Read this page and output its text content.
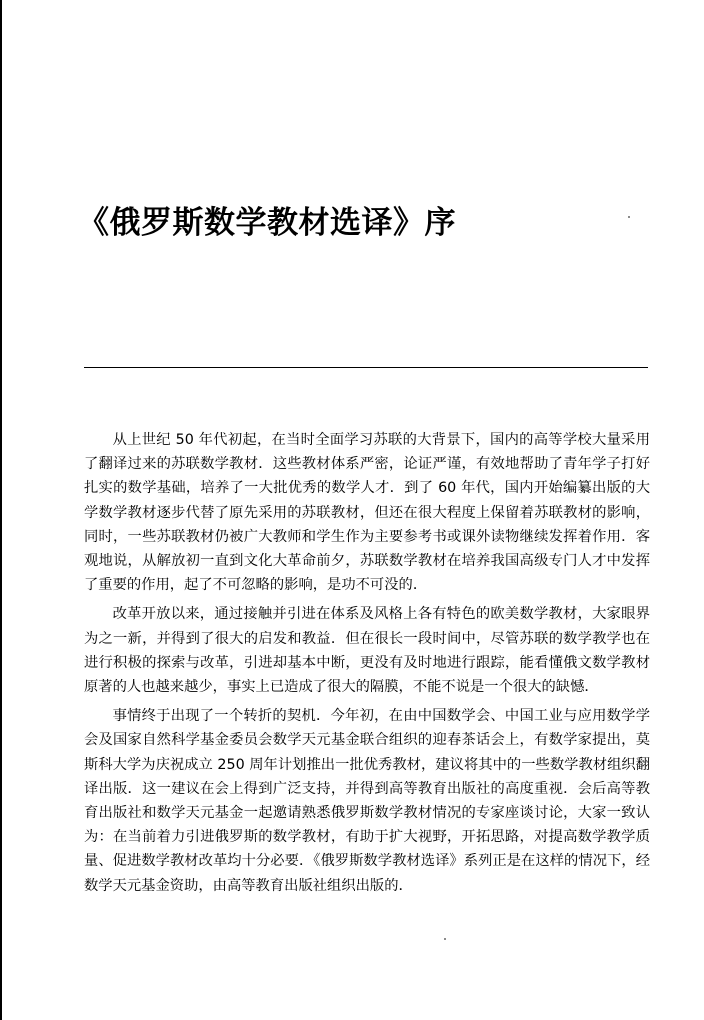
《俄罗斯数学教材选译》序

从上世纪 50 年代初起，在当时全面学习苏联的大背景下，国内的高等学校大量采用了翻译过来的苏联数学教材．这些教材体系严密，论证严谨，有效地帮助了青年学子打好扎实的数学基础，培养了一大批优秀的数学人才．到了 60 年代，国内开始编纂出版的大学数学教材逐步代替了原先采用的苏联教材，但还在很大程度上保留着苏联教材的影响，同时，一些苏联教材仍被广大教师和学生作为主要参考书或课外读物继续发挥着作用．客观地说，从解放初一直到文化大革命前夕，苏联数学教材在培养我国高级专门人才中发挥了重要的作用，起了不可忽略的影响，是功不可没的．

改革开放以来，通过接触并引进在体系及风格上各有特色的欧美数学教材，大家眼界为之一新，并得到了很大的启发和教益．但在很长一段时间中，尽管苏联的数学教学也在进行积极的探索与改革，引进却基本中断，更没有及时地进行跟踪，能看懂俄文数学教材原著的人也越来越少，事实上已造成了很大的隔膜，不能不说是一个很大的缺憾．

事情终于出现了一个转折的契机．今年初，在由中国数学会、中国工业与应用数学学会及国家自然科学基金委员会数学天元基金联合组织的迎春茶话会上，有数学家提出，莫斯科大学为庆祝成立 250 周年计划推出一批优秀教材，建议将其中的一些数学教材组织翻译出版．这一建议在会上得到广泛支持，并得到高等教育出版社的高度重视．会后高等教育出版社和数学天元基金一起邀请熟悉俄罗斯数学教材情况的专家座谈讨论，大家一致认为：在当前着力引进俄罗斯的数学教材，有助于扩大视野，开拓思路，对提高数学教学质量、促进数学教材改革均十分必要．《俄罗斯数学教材选译》系列正是在这样的情况下，经数学天元基金资助，由高等教育出版社组织出版的．
